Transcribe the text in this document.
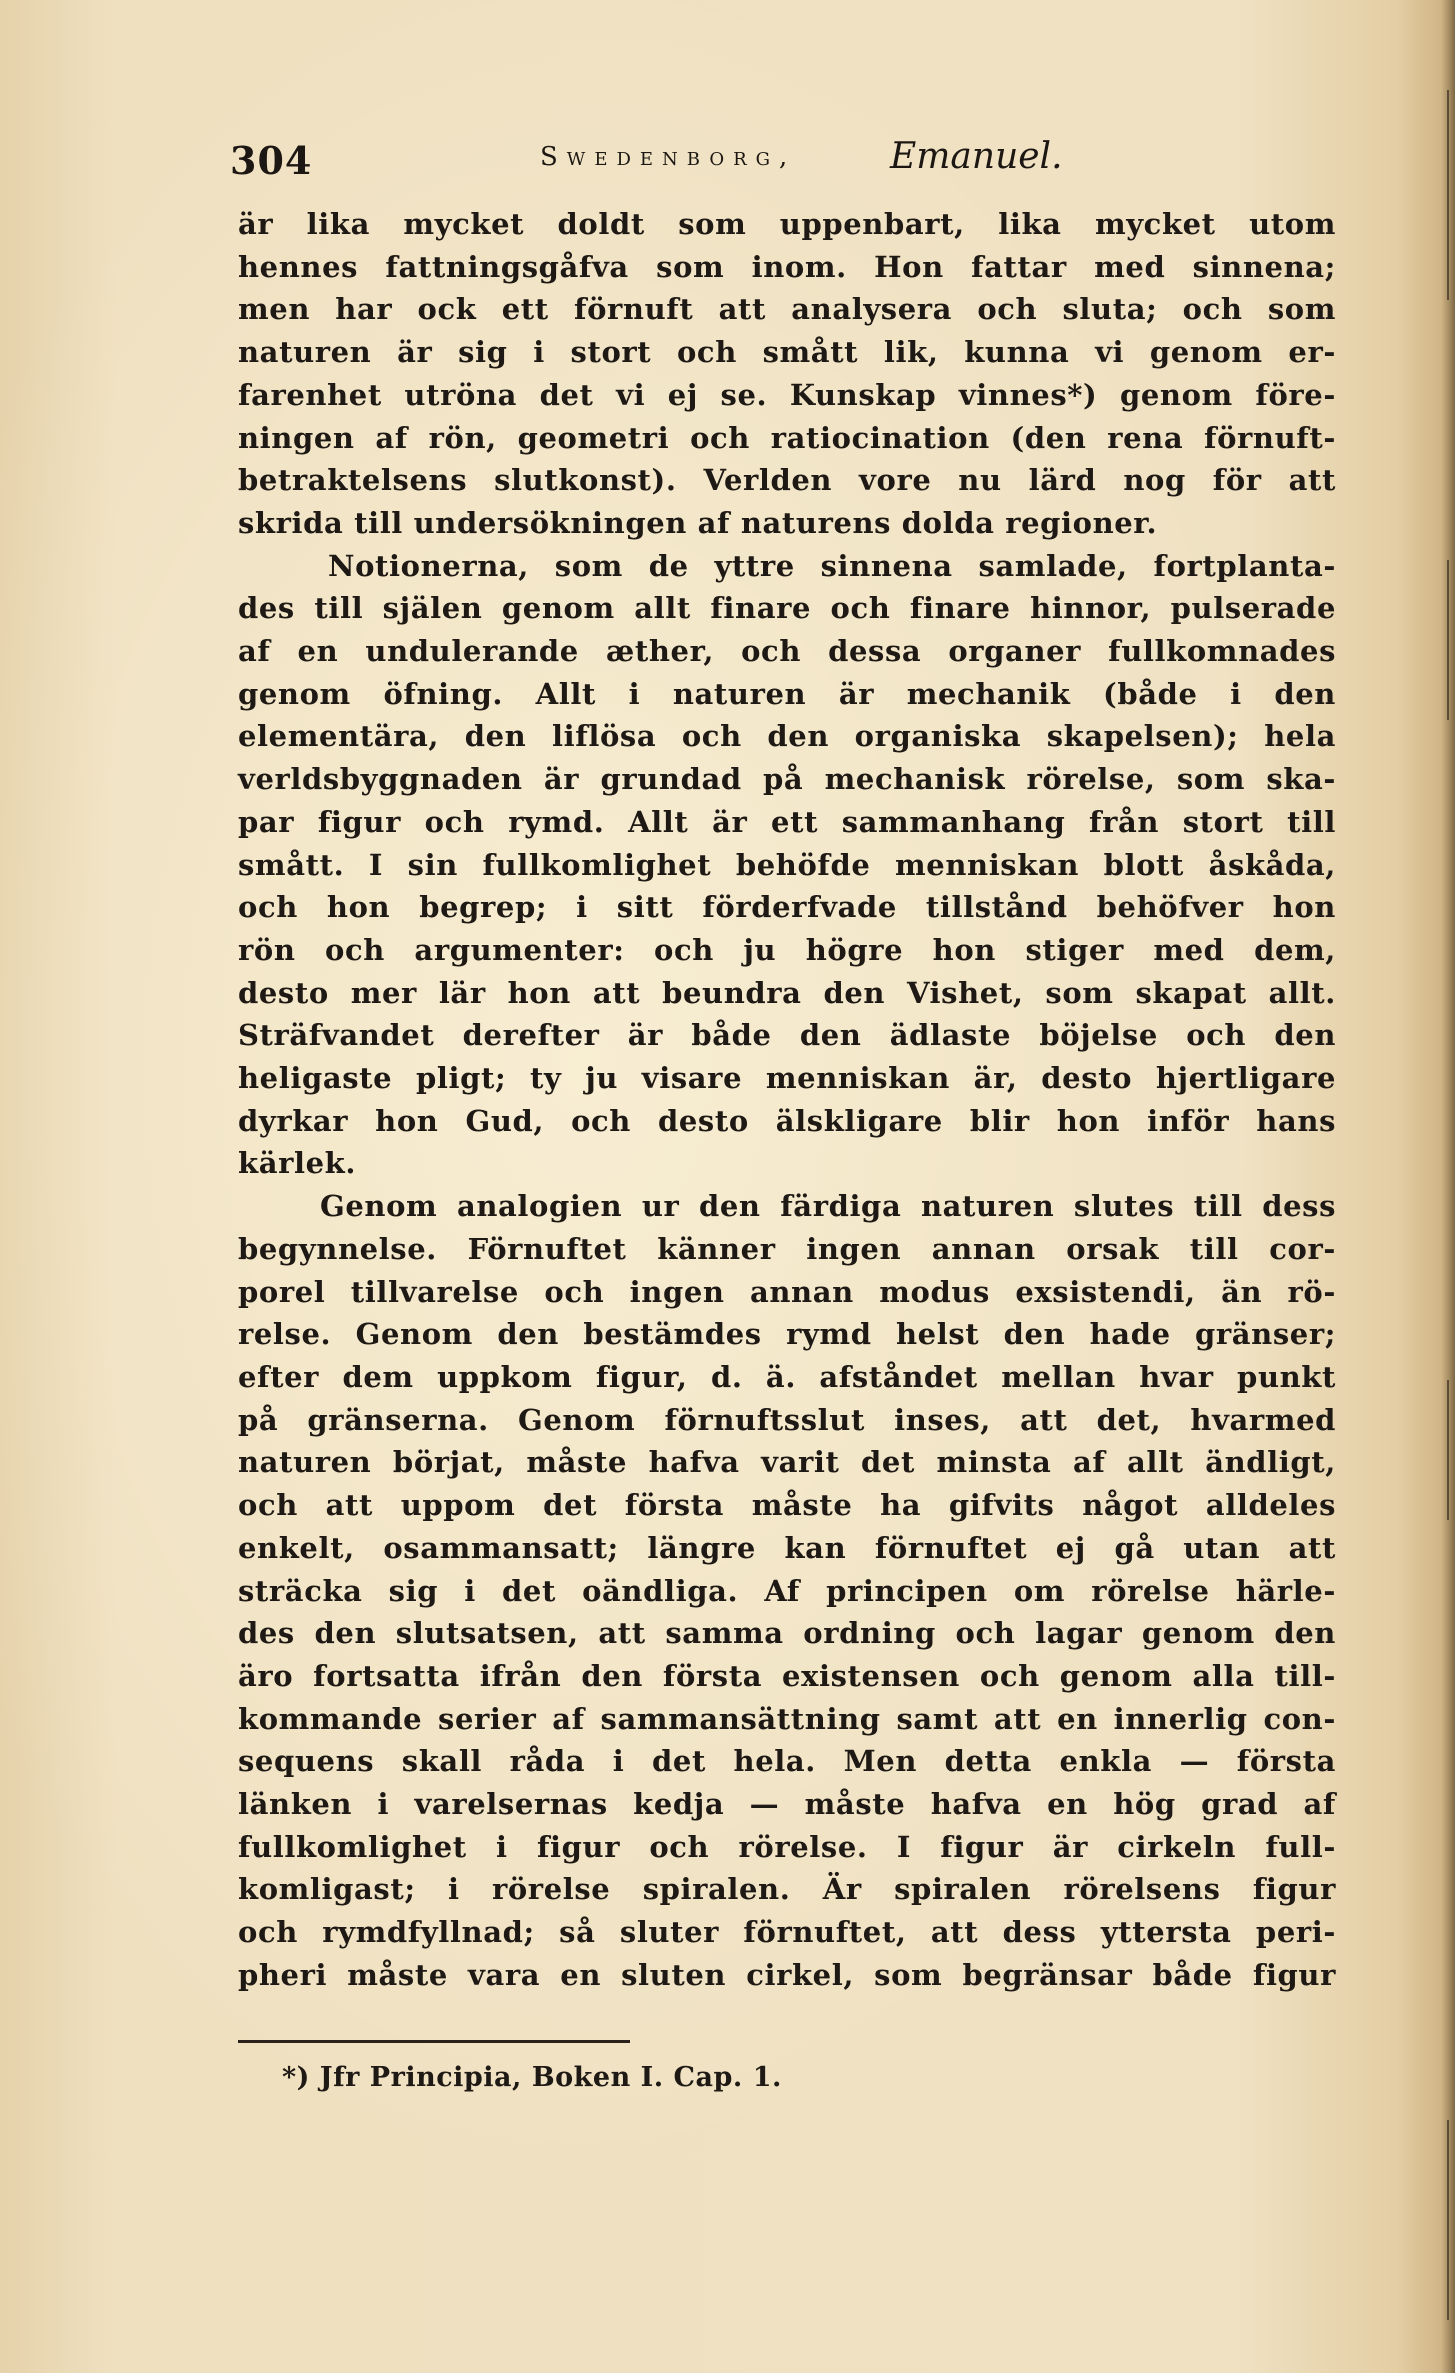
304	Swedenborg,	Emanuel.

är lika mycket doldt som uppenbart, lika mycket utom
hennes fattningsgåfva som inom. Hon fattar med sinnena;
men har ock ett förnuft att analysera och sluta; och som
naturen är sig i stort och smått lik, kunna vi genom er-
farenhet utröna det vi ej se. Kunskap vinnes*) genom före-
ningen af rön, geometri och ratiocination (den rena förnuft-
betraktelsens slutkonst). Verlden vore nu lärd nog för att
skrida till undersökningen af naturens dolda regioner.

Notionerna, som de yttre sinnena samlade, fortplanta-
des till själen genom allt finare och finare hinnor, pulserade
af en undulerande æther, och dessa organer fullkomnades
genom öfning. Allt i naturen är mechanik (både i den
elementära, den liflösa och den organiska skapelsen); hela
verldsbyggnaden är grundad på mechanisk rörelse, som ska-
par figur och rymd. Allt är ett sammanhang från stort till
smått. I sin fullkomlighet behöfde menniskan blott åskåda,
och hon begrep; i sitt förderfvade tillstånd behöfver hon
rön och argumenter: och ju högre hon stiger med dem,
desto mer lär hon att beundra den Vishet, som skapat allt.
Sträfvandet derefter är både den ädlaste böjelse och den
heligaste pligt; ty ju visare menniskan är, desto hjertligare
dyrkar hon Gud, och desto älskligare blir hon inför hans
kärlek.

Genom analogien ur den färdiga naturen slutes till dess
begynnelse. Förnuftet känner ingen annan orsak till cor-
porel tillvarelse och ingen annan modus exsistendi, än rö-
relse. Genom den bestämdes rymd helst den hade gränser;
efter dem uppkom figur, d. ä. afståndet mellan hvar punkt
på gränserna. Genom förnuftsslut inses, att det, hvarmed
naturen börjat, måste hafva varit det minsta af allt ändligt,
och att uppom det första måste ha gifvits något alldeles
enkelt, osammansatt; längre kan förnuftet ej gå utan att
sträcka sig i det oändliga. Af principen om rörelse härle-
des den slutsatsen, att samma ordning och lagar genom den
äro fortsatta ifrån den första existensen och genom alla till-
kommande serier af sammansättning samt att en innerlig con-
sequens skall råda i det hela. Men detta enkla — första
länken i varelsernas kedja — måste hafva en hög grad af
fullkomlighet i figur och rörelse. I figur är cirkeln full-
komligast; i rörelse spiralen. Är spiralen rörelsens figur
och rymdfyllnad; så sluter förnuftet, att dess yttersta peri-
pheri måste vara en sluten cirkel, som begränsar både figur

*) Jfr Principia, Boken I. Cap. 1.
